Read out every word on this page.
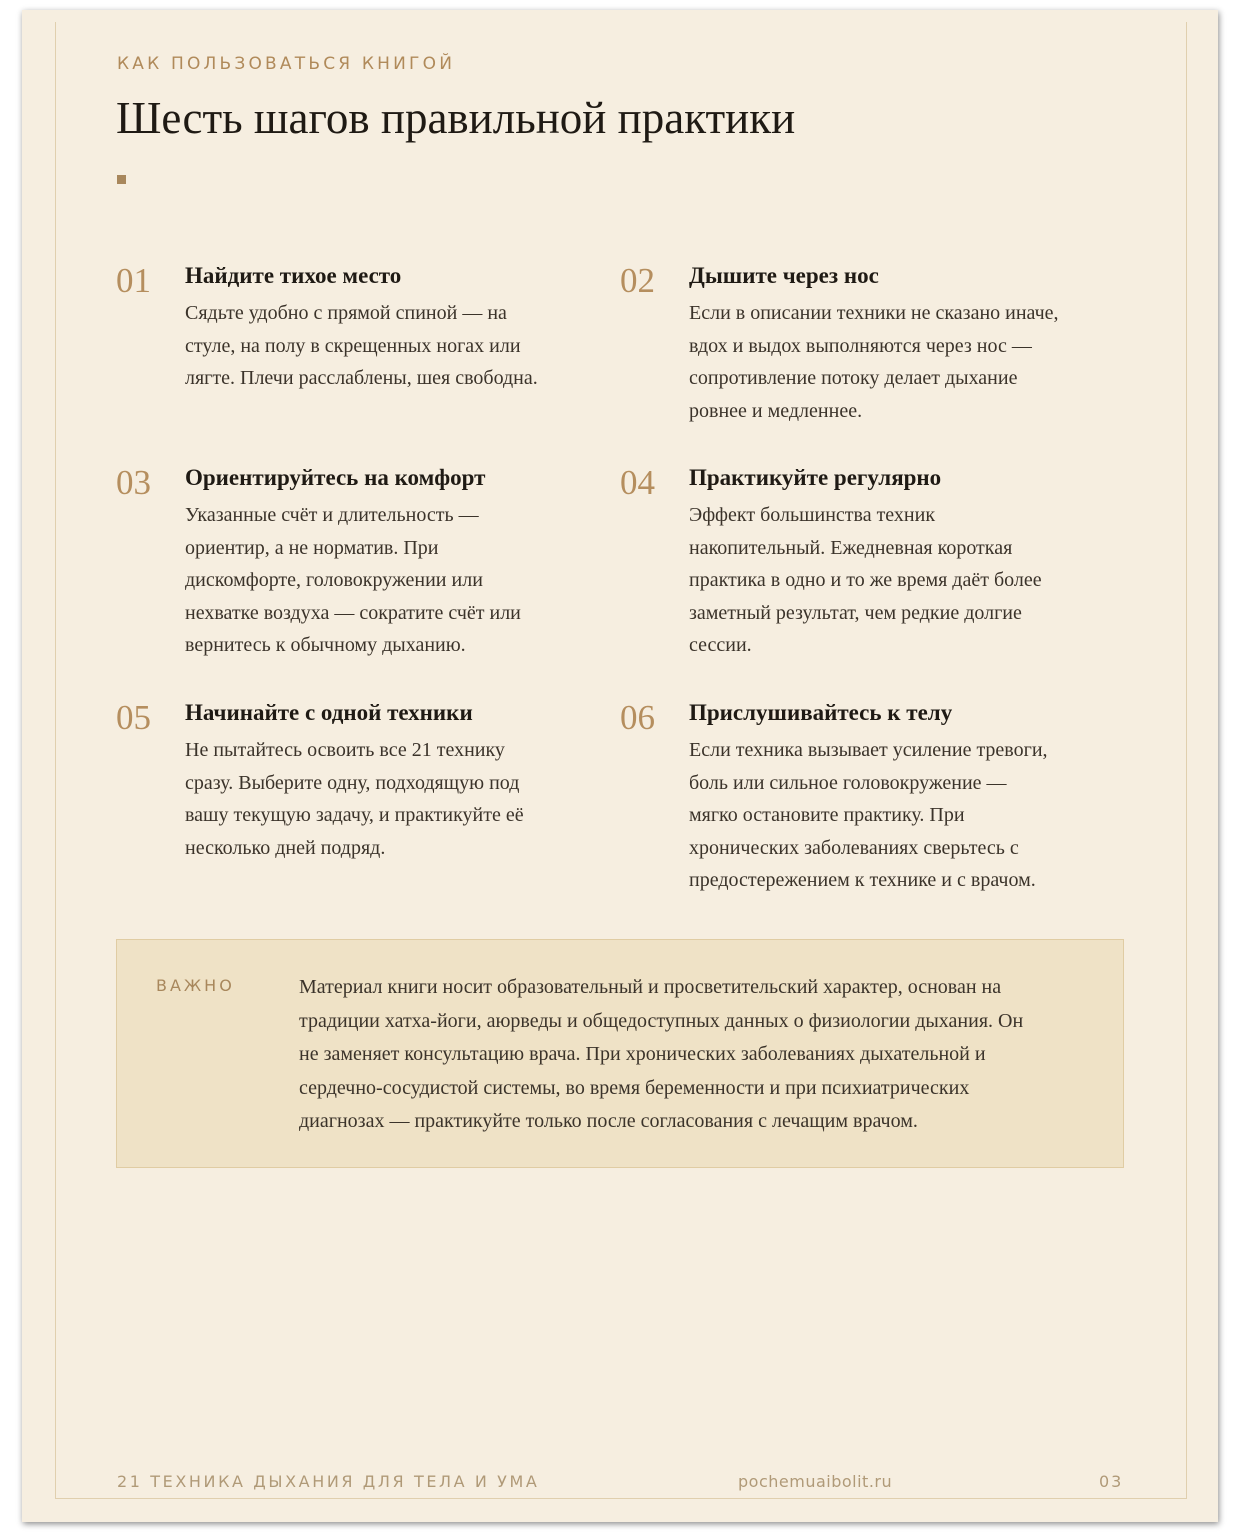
КАК ПОЛЬЗОВАТЬСЯ КНИГОЙ
Шесть шагов правильной практики
01 Найдите тихое место
Сядьте удобно с прямой спиной — на
стуле, на полу в скрещенных ногах или
лягте. Плечи расслаблены, шея свободна.
02 Дышите через нос
Если в описании техники не сказано иначе,
вдох и выдох выполняются через нос —
сопротивление потоку делает дыхание
ровнее и медленнее.
03 Ориентируйтесь на комфорт
Указанные счёт и длительность —
ориентир, а не норматив. При
дискомфорте, головокружении или
нехватке воздуха — сократите счёт или
вернитесь к обычному дыханию.
04 Практикуйте регулярно
Эффект большинства техник
накопительный. Ежедневная короткая
практика в одно и то же время даёт более
заметный результат, чем редкие долгие
сессии.
05 Начинайте с одной техники
Не пытайтесь освоить все 21 технику
сразу. Выберите одну, подходящую под
вашу текущую задачу, и практикуйте её
несколько дней подряд.
06 Прислушивайтесь к телу
Если техника вызывает усиление тревоги,
боль или сильное головокружение —
мягко остановите практику. При
хронических заболеваниях сверьтесь с
предостережением к технике и с врачом.
ВАЖНО	Материал книги носит образовательный и просветительский характер, основан на
традиции хатха-йоги, аюрведы и общедоступных данных о физиологии дыхания. Он
не заменяет консультацию врача. При хронических заболеваниях дыхательной и
сердечно-сосудистой системы, во время беременности и при психиатрических
диагнозах — практикуйте только после согласования с лечащим врачом.
21 ТЕХНИКА ДЫХАНИЯ ДЛЯ ТЕЛА И УМА	pochemuaibolit.ru	03
